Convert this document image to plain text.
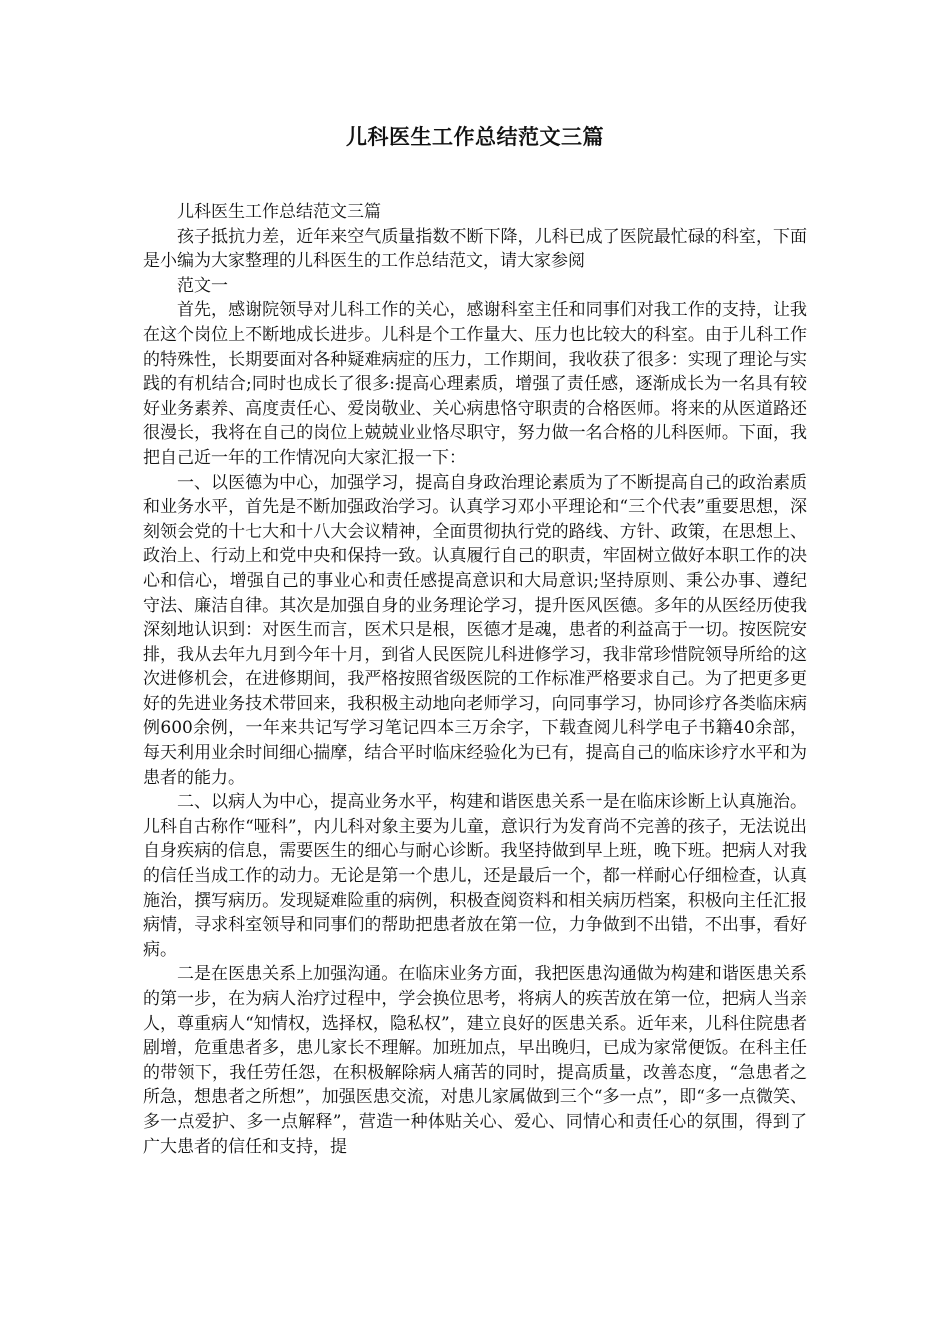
儿科医生工作总结范文三篇

儿科医生工作总结范文三篇

孩子抵抗力差，近年来空气质量指数不断下降，儿科已成了医院最忙碌的科室，下面是小编为大家整理的儿科医生的工作总结范文，请大家参阅

范文一

首先，感谢院领导对儿科工作的关心，感谢科室主任和同事们对我工作的支持，让我在这个岗位上不断地成长进步。儿科是个工作量大、压力也比较大的科室。由于儿科工作的特殊性，长期要面对各种疑难病症的压力，工作期间，我收获了很多：实现了理论与实践的有机结合;同时也成长了很多:提高心理素质，增强了责任感，逐渐成长为一名具有较好业务素养、高度责任心、爱岗敬业、关心病患恪守职责的合格医师。将来的从医道路还很漫长，我将在自己的岗位上兢兢业业恪尽职守，努力做一名合格的儿科医师。下面，我把自己近一年的工作情况向大家汇报一下：

一、以医德为中心，加强学习，提高自身政治理论素质为了不断提高自己的政治素质和业务水平，首先是不断加强政治学习。认真学习邓小平理论和“三个代表”重要思想，深刻领会党的十七大和十八大会议精神，全面贯彻执行党的路线、方针、政策，在思想上、政治上、行动上和党中央和保持一致。认真履行自己的职责，牢固树立做好本职工作的决心和信心，增强自己的事业心和责任感提高意识和大局意识;坚持原则、秉公办事、遵纪守法、廉洁自律。其次是加强自身的业务理论学习，提升医风医德。多年的从医经历使我深刻地认识到：对医生而言，医术只是根，医德才是魂，患者的利益高于一切。按医院安排，我从去年九月到今年十月，到省人民医院儿科进修学习，我非常珍惜院领导所给的这次进修机会，在进修期间，我严格按照省级医院的工作标准严格要求自己。为了把更多更好的先进业务技术带回来，我积极主动地向老师学习，向同事学习，协同诊疗各类临床病例600余例，一年来共记写学习笔记四本三万余字，下载查阅儿科学电子书籍40余部，每天利用业余时间细心揣摩，结合平时临床经验化为已有，提高自己的临床诊疗水平和为患者的能力。

二、以病人为中心，提高业务水平，构建和谐医患关系一是在临床诊断上认真施治。儿科自古称作“哑科”，内儿科对象主要为儿童，意识行为发育尚不完善的孩子，无法说出自身疾病的信息，需要医生的细心与耐心诊断。我坚持做到早上班，晚下班。把病人对我的信任当成工作的动力。无论是第一个患儿，还是最后一个，都一样耐心仔细检查，认真施治，撰写病历。发现疑难险重的病例，积极查阅资料和相关病历档案，积极向主任汇报病情，寻求科室领导和同事们的帮助把患者放在第一位，力争做到不出错，不出事，看好病。

二是在医患关系上加强沟通。在临床业务方面，我把医患沟通做为构建和谐医患关系的第一步，在为病人治疗过程中，学会换位思考，将病人的疾苦放在第一位，把病人当亲人，尊重病人“知情权，选择权，隐私权”，建立良好的医患关系。近年来，儿科住院患者剧增，危重患者多，患儿家长不理解。加班加点，早出晚归，已成为家常便饭。在科主任的带领下，我任劳任怨，在积极解除病人痛苦的同时，提高质量，改善态度，“急患者之所急，想患者之所想”，加强医患交流，对患儿家属做到三个“多一点”，即“多一点微笑、多一点爱护、多一点解释”，营造一种体贴关心、爱心、同情心和责任心的氛围，得到了广大患者的信任和支持，提
